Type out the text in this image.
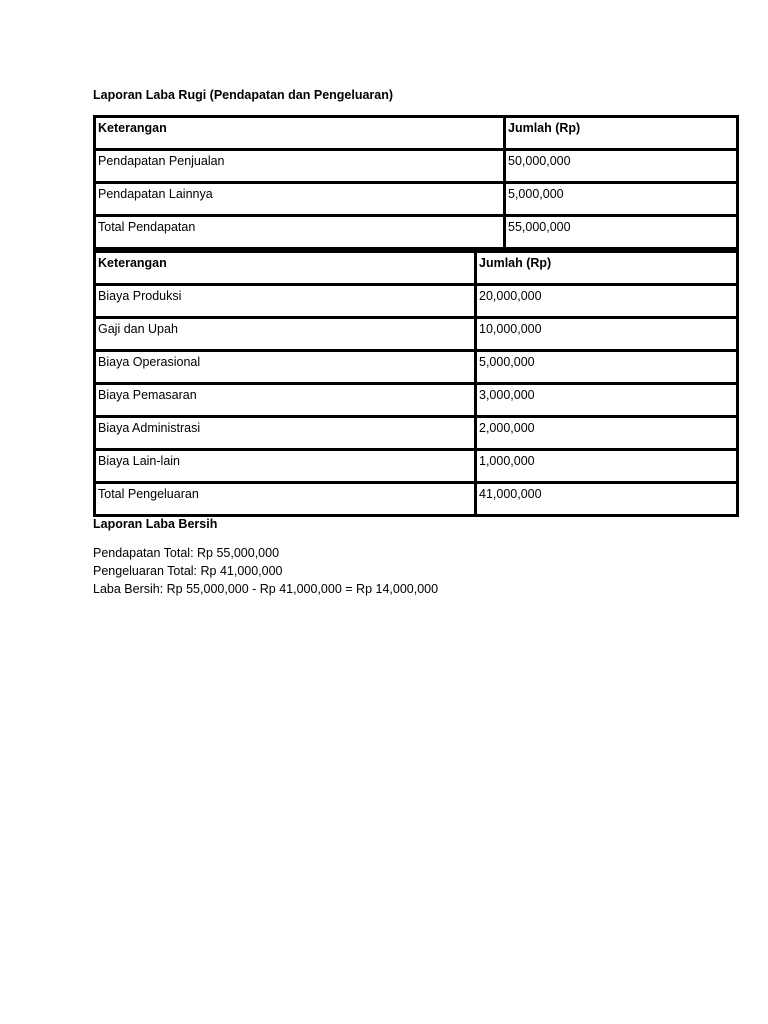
Laporan Laba Rugi (Pendapatan dan Pengeluaran)
Keterangan	Jumlah (Rp)
Pendapatan Penjualan	50,000,000
Pendapatan Lainnya	5,000,000
Total Pendapatan	55,000,000
Keterangan	Jumlah (Rp)
Biaya Produksi	20,000,000
Gaji dan Upah	10,000,000
Biaya Operasional	5,000,000
Biaya Pemasaran	3,000,000
Biaya Administrasi	2,000,000
Biaya Lain-lain	1,000,000
Total Pengeluaran	41,000,000
Laporan Laba Bersih
Pendapatan Total: Rp 55,000,000
Pengeluaran Total: Rp 41,000,000
Laba Bersih: Rp 55,000,000 - Rp 41,000,000 = Rp 14,000,000
